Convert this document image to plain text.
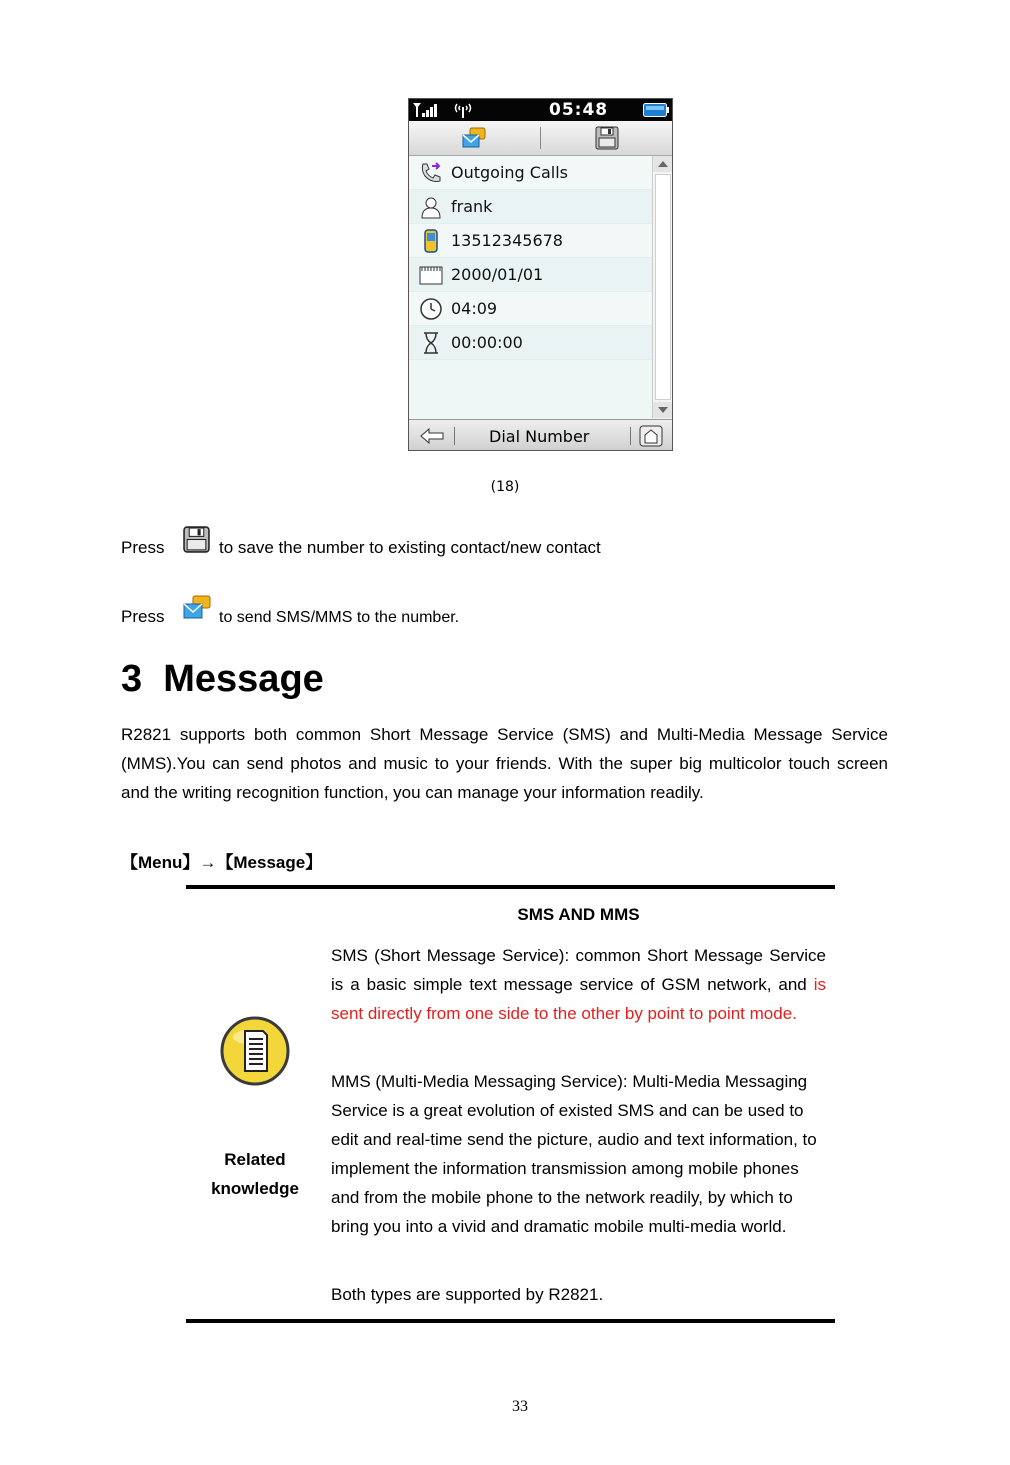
05:48
Outgoing Calls
frank
13512345678
2000/01/01
04:09
00:00:00
Dial Number
(18)
Press	to save the number to existing contact/new contact
Press	to send SMS/MMS to the number.
3  Message
R2821 supports both common Short Message Service (SMS) and Multi-Media Message Service (MMS).You can send photos and music to your friends. With the super big multicolor touch screen and the writing recognition function, you can manage your information readily.
【Menu】→【Message】
SMS AND MMS
SMS (Short Message Service): common Short Message Service is a basic simple text message service of GSM network, and is sent directly from one side to the other by point to point mode.
MMS (Multi-Media Messaging Service): Multi-Media Messaging Service is a great evolution of existed SMS and can be used to edit and real-time send the picture, audio and text information, to implement the information transmission among mobile phones and from the mobile phone to the network readily, by which to bring you into a vivid and dramatic mobile multi-media world.
Both types are supported by R2821.
Related
knowledge
33
